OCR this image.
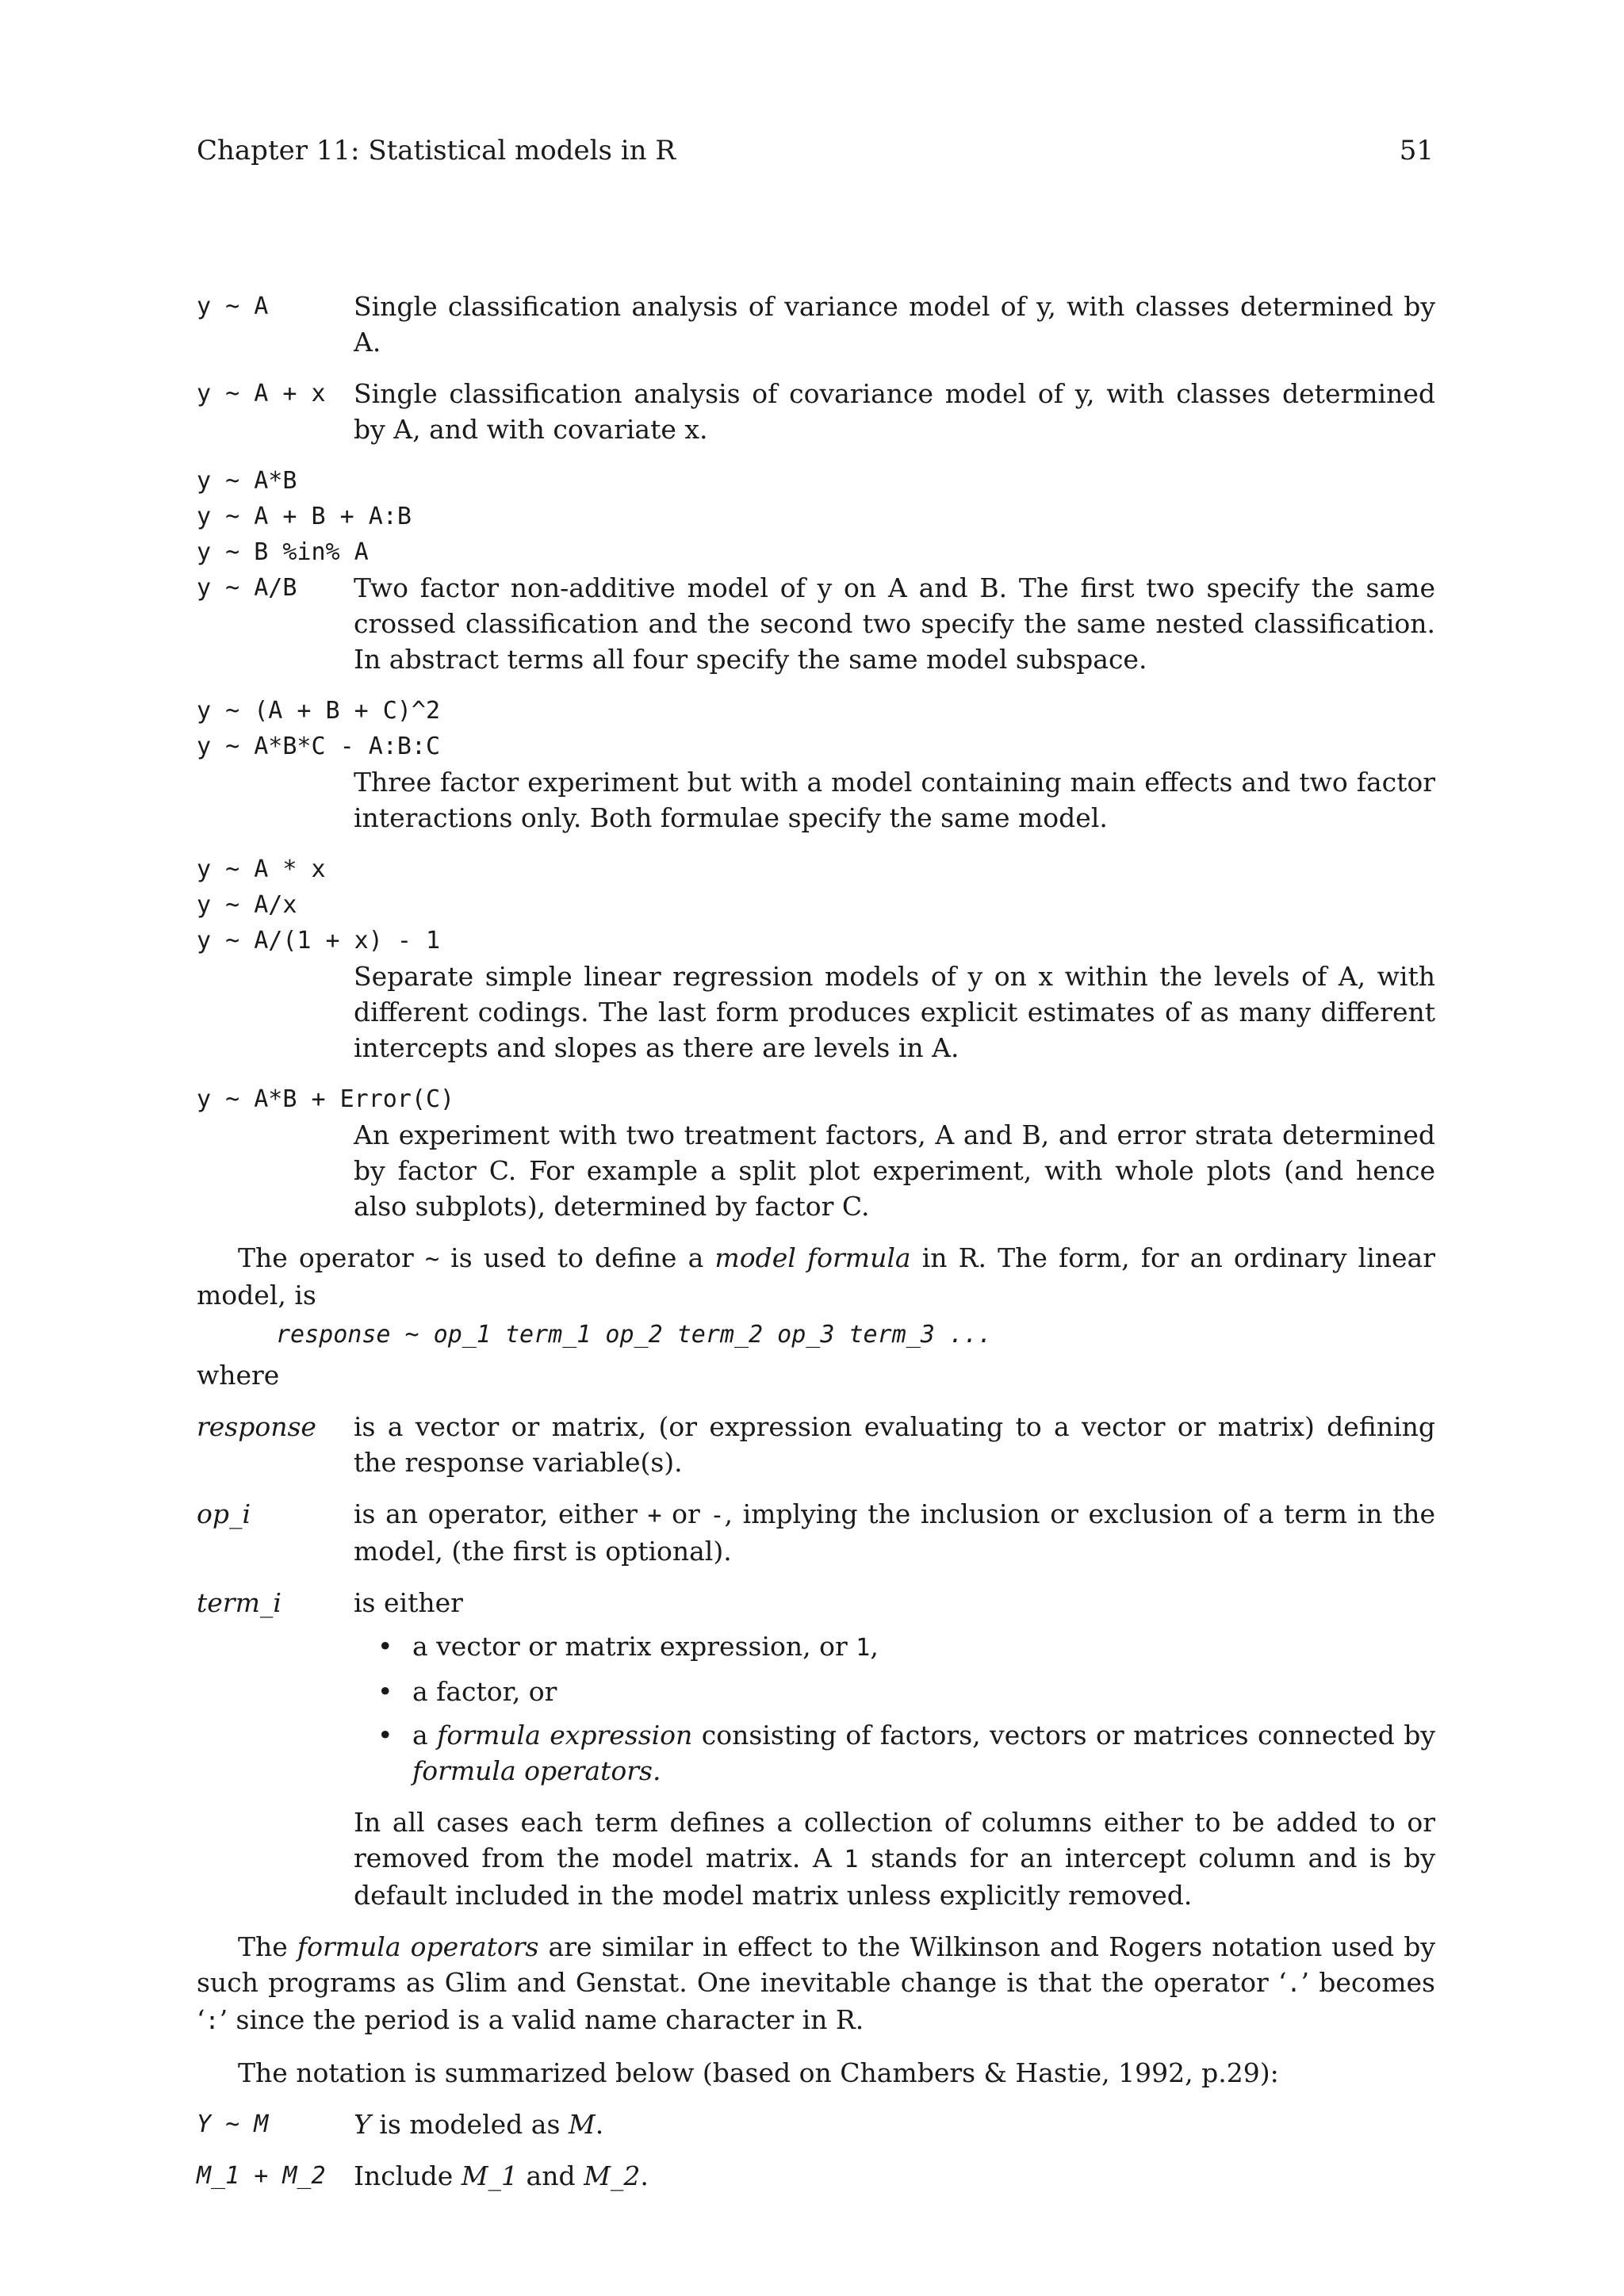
Chapter 11: Statistical models in R	51
y ~ A	Single classification analysis of variance model of y, with classes determined by A.
y ~ A + x	Single classification analysis of covariance model of y, with classes determined by A, and with covariate x.
y ~ A*B
y ~ A + B + A:B
y ~ B %in% A
y ~ A/B	Two factor non-additive model of y on A and B. The first two specify the same crossed classification and the second two specify the same nested classification. In abstract terms all four specify the same model subspace.
y ~ (A + B + C)^2
y ~ A*B*C - A:B:C
Three factor experiment but with a model containing main effects and two factor interactions only. Both formulae specify the same model.
y ~ A * x
y ~ A/x
y ~ A/(1 + x) - 1
Separate simple linear regression models of y on x within the levels of A, with different codings. The last form produces explicit estimates of as many different intercepts and slopes as there are levels in A.
y ~ A*B + Error(C)
An experiment with two treatment factors, A and B, and error strata determined by factor C. For example a split plot experiment, with whole plots (and hence also subplots), determined by factor C.
The operator ~ is used to define a model formula in R. The form, for an ordinary linear model, is
response ~ op_1 term_1 op_2 term_2 op_3 term_3 ...
where
response	is a vector or matrix, (or expression evaluating to a vector or matrix) defining the response variable(s).
op_i	is an operator, either + or -, implying the inclusion or exclusion of a term in the model, (the first is optional).
term_i	is either
• a vector or matrix expression, or 1,
• a factor, or
• a formula expression consisting of factors, vectors or matrices connected by formula operators.
In all cases each term defines a collection of columns either to be added to or removed from the model matrix. A 1 stands for an intercept column and is by default included in the model matrix unless explicitly removed.
The formula operators are similar in effect to the Wilkinson and Rogers notation used by such programs as Glim and Genstat. One inevitable change is that the operator ‘.’ becomes ‘:’ since the period is a valid name character in R.
The notation is summarized below (based on Chambers & Hastie, 1992, p.29):
Y ~ M	Y is modeled as M.
M_1 + M_2	Include M_1 and M_2.
